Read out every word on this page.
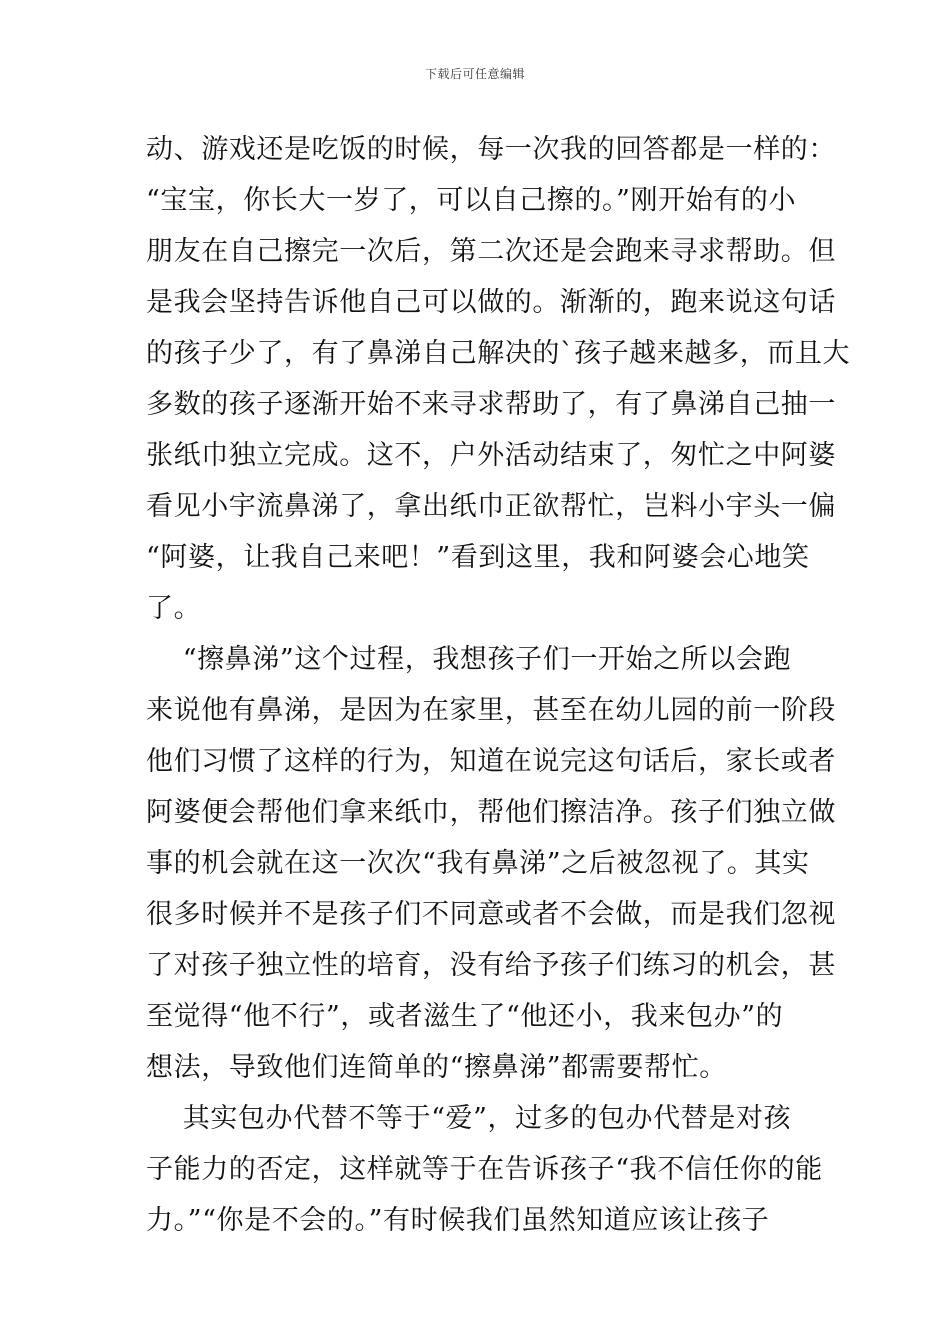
下载后可任意编辑
动、游戏还是吃饭的时候，每一次我的回答都是一样的：
“宝宝，你长大一岁了，可以自己擦的。”刚开始有的小
朋友在自己擦完一次后，第二次还是会跑来寻求帮助。但
是我会坚持告诉他自己可以做的。渐渐的，跑来说这句话
的孩子少了，有了鼻涕自己解决的`孩子越来越多，而且大
多数的孩子逐渐开始不来寻求帮助了，有了鼻涕自己抽一
张纸巾独立完成。这不，户外活动结束了，匆忙之中阿婆
看见小宇流鼻涕了，拿出纸巾正欲帮忙，岂料小宇头一偏
“阿婆，让我自己来吧！”看到这里，我和阿婆会心地笑
了。
“擦鼻涕”这个过程，我想孩子们一开始之所以会跑
来说他有鼻涕，是因为在家里，甚至在幼儿园的前一阶段
他们习惯了这样的行为，知道在说完这句话后，家长或者
阿婆便会帮他们拿来纸巾，帮他们擦洁净。孩子们独立做
事的机会就在这一次次“我有鼻涕”之后被忽视了。其实
很多时候并不是孩子们不同意或者不会做，而是我们忽视
了对孩子独立性的培育，没有给予孩子们练习的机会，甚
至觉得“他不行”，或者滋生了“他还小，我来包办”的
想法，导致他们连简单的“擦鼻涕”都需要帮忙。
其实包办代替不等于“爱”，过多的包办代替是对孩
子能力的否定，这样就等于在告诉孩子“我不信任你的能
力。”“你是不会的。”有时候我们虽然知道应该让孩子
